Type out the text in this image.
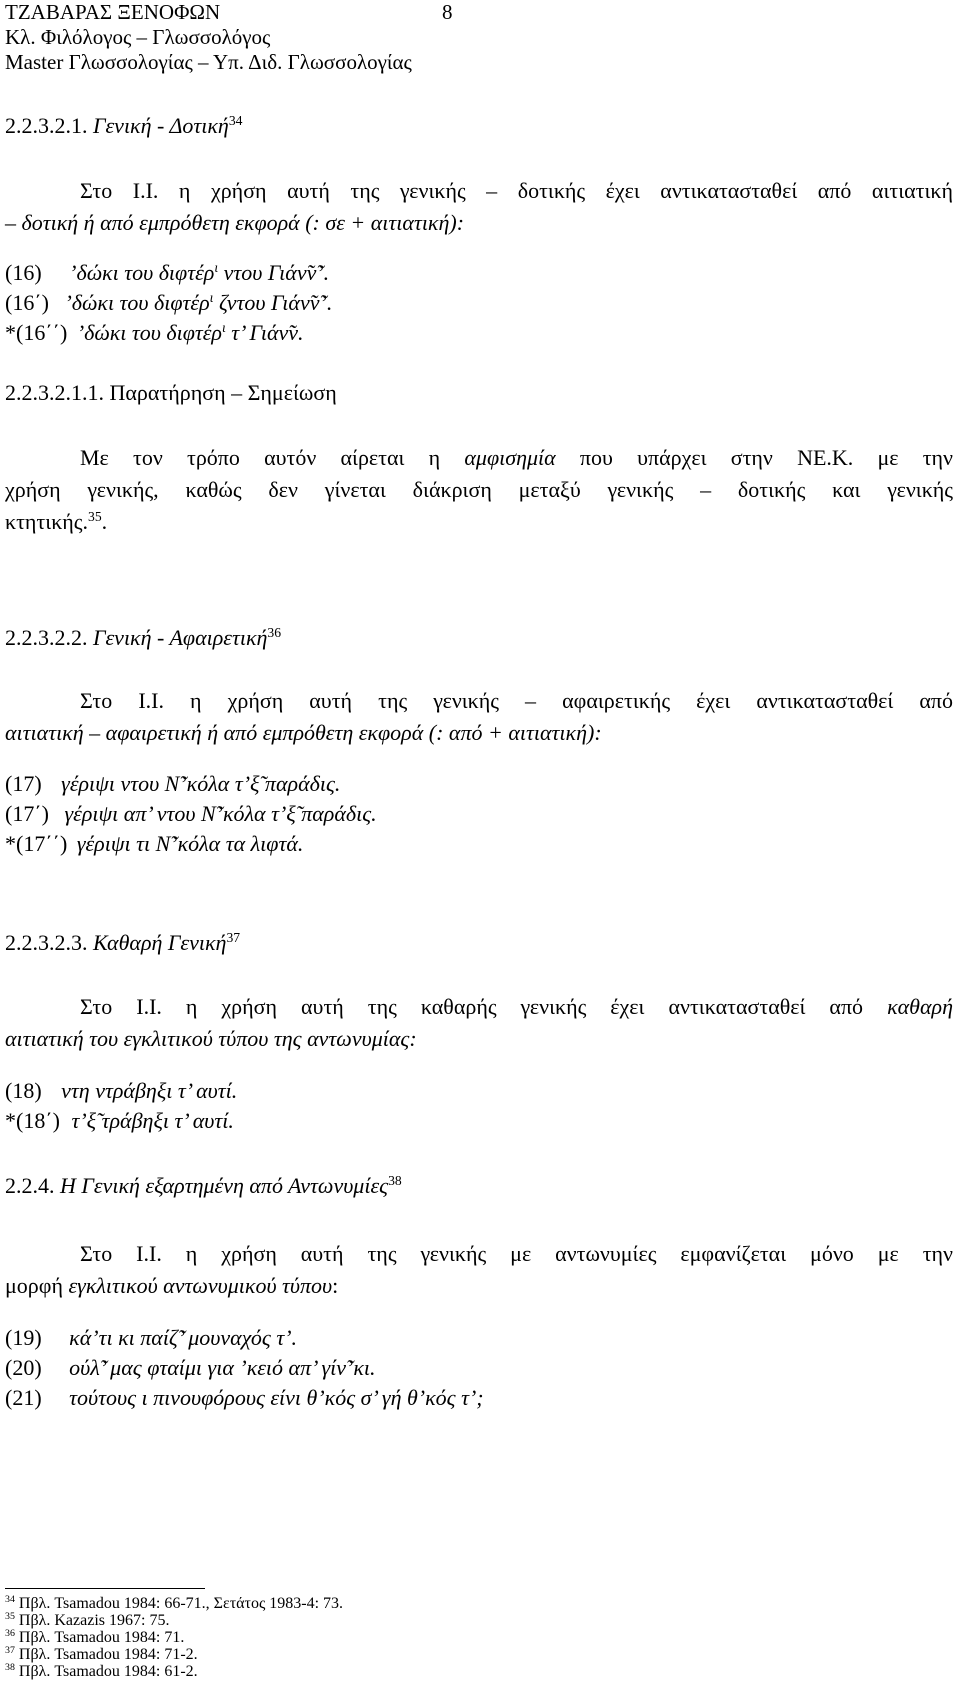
ΤΖΑΒΑΡΑΣ ΞΕΝΟΦΩΝ	8
Κλ. Φιλόλογος – Γλωσσολόγος
Master Γλωσσολογίας – Υπ. Διδ. Γλωσσολογίας
2.2.3.2.1. Γενική - Δοτική$^{34}$
Στο Ι.Ι. η χρήση αυτή της γενικής – δοτικής έχει αντικατασταθεί από αιτιατική
– δοτική ή από εμπρόθετη εκφορά (: σε + αιτιατική):
(16) ’δώκι του διφτέρ$^\iota$ ντου Γιάν̃ν̃’.
(16΄) ’δώκι του διφτέρ$^\iota$ ζντου Γιάν̃ν̃’.
*(16΄΄) ’δώκι του διφτέρ$^\iota$ τ’ Γιάν̃ν.
2.2.3.2.1.1. Παρατήρηση – Σημείωση
Με τον τρόπο αυτόν αίρεται η αμφισημία που υπάρχει στην ΝΕ.Κ. με την
χρήση γενικής, καθώς δεν γίνεται διάκριση μεταξύ γενικής – δοτικής και γενικής
κτητικής.$^{35}$.
2.2.3.2.2. Γενική - Αφαιρετική$^{36}$
Στο Ι.Ι. η χρήση αυτή της γενικής – αφαιρετικής έχει αντικατασταθεί από
αιτιατική – αφαιρετική ή από εμπρόθετη εκφορά (: από + αιτιατική):
(17) γέριψι ντου Ν̃’κόλα τ’ξ̃ παράδις.
(17΄) γέριψι απ’ ντου Ν̃’κόλα τ’ξ̃ παράδις.
*(17΄΄) γέριψι τι Ν̃’κόλα τα λιφτά.
2.2.3.2.3. Καθαρή Γενική$^{37}$
Στο Ι.Ι. η χρήση αυτή της καθαρής γενικής έχει αντικατασταθεί από καθαρή
αιτιατική του εγκλιτικού τύπου της αντωνυμίας:
(18) ντη ντράβηξι τ’ αυτί.
*(18΄) τ’ξ̃ τράβηξι τ’ αυτί.
2.2.4. Η Γενική εξαρτημένη από Αντωνυμίες$^{38}$
Στο Ι.Ι. η χρήση αυτή της γενικής με αντωνυμίες εμφανίζεται μόνο με την
μορφή εγκλιτικού αντωνυμικού τύπου:
(19) κά’τι κι παίζ̃’ μουναχός τ’.
(20) ούλ̃’ μας φταίμι για ’κειό απ’ γίν̃’κι.
(21) τούτους ι πινουφόρους είνι θ’κός σ’ γή θ’κός τ’;
$^{34}$ Πβλ. Tsamadou 1984: 66-71., Σετάτος 1983-4: 73.
$^{35}$ Πβλ. Kazazis 1967: 75.
$^{36}$ Πβλ. Tsamadou 1984: 71.
$^{37}$ Πβλ. Tsamadou 1984: 71-2.
$^{38}$ Πβλ. Tsamadou 1984: 61-2.
